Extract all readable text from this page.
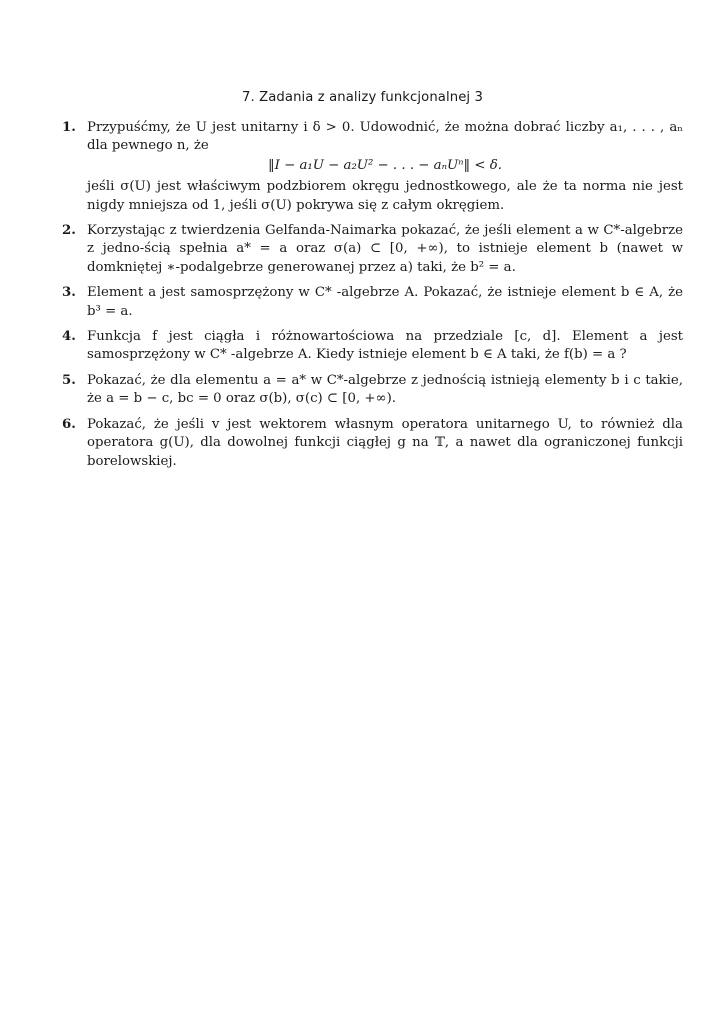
7. Zadania z analizy funkcjonalnej 3
1. Przypuśćmy, że U jest unitarny i δ > 0. Udowodnić, że można dobrać liczby a₁, . . . , aₙ dla pewnego n, że
‖I − a₁U − a₂U² − . . . − aₙUⁿ‖ < δ.
jeśli σ(U) jest właściwym podzbiorem okręgu jednostkowego, ale że ta norma nie jest nigdy mniejsza od 1, jeśli σ(U) pokrywa się z całym okręgiem.
2. Korzystając z twierdzenia Gelfanda-Naimarka pokazać, że jeśli element a w C*-algebrze z jedno-ścią spełnia a* = a oraz σ(a) ⊂ [0, +∞), to istnieje element b (nawet w domkniętej ∗-podalgebrze generowanej przez a) taki, że b² = a.
3. Element a jest samosprzężony w C* -algebrze A. Pokazać, że istnieje element b ∈ A, że b³ = a.
4. Funkcja f jest ciągła i różnowartościowa na przedziale [c, d]. Element a jest samosprzężony w C* -algebrze A. Kiedy istnieje element b ∈ A taki, że f(b) = a ?
5. Pokazać, że dla elementu a = a* w C*-algebrze z jednością istnieją elementy b i c takie, że a = b − c, bc = 0 oraz σ(b), σ(c) ⊂ [0, +∞).
6. Pokazać, że jeśli v jest wektorem własnym operatora unitarnego U, to również dla operatora g(U), dla dowolnej funkcji ciągłej g na 𝕋, a nawet dla ograniczonej funkcji borelowskiej.
